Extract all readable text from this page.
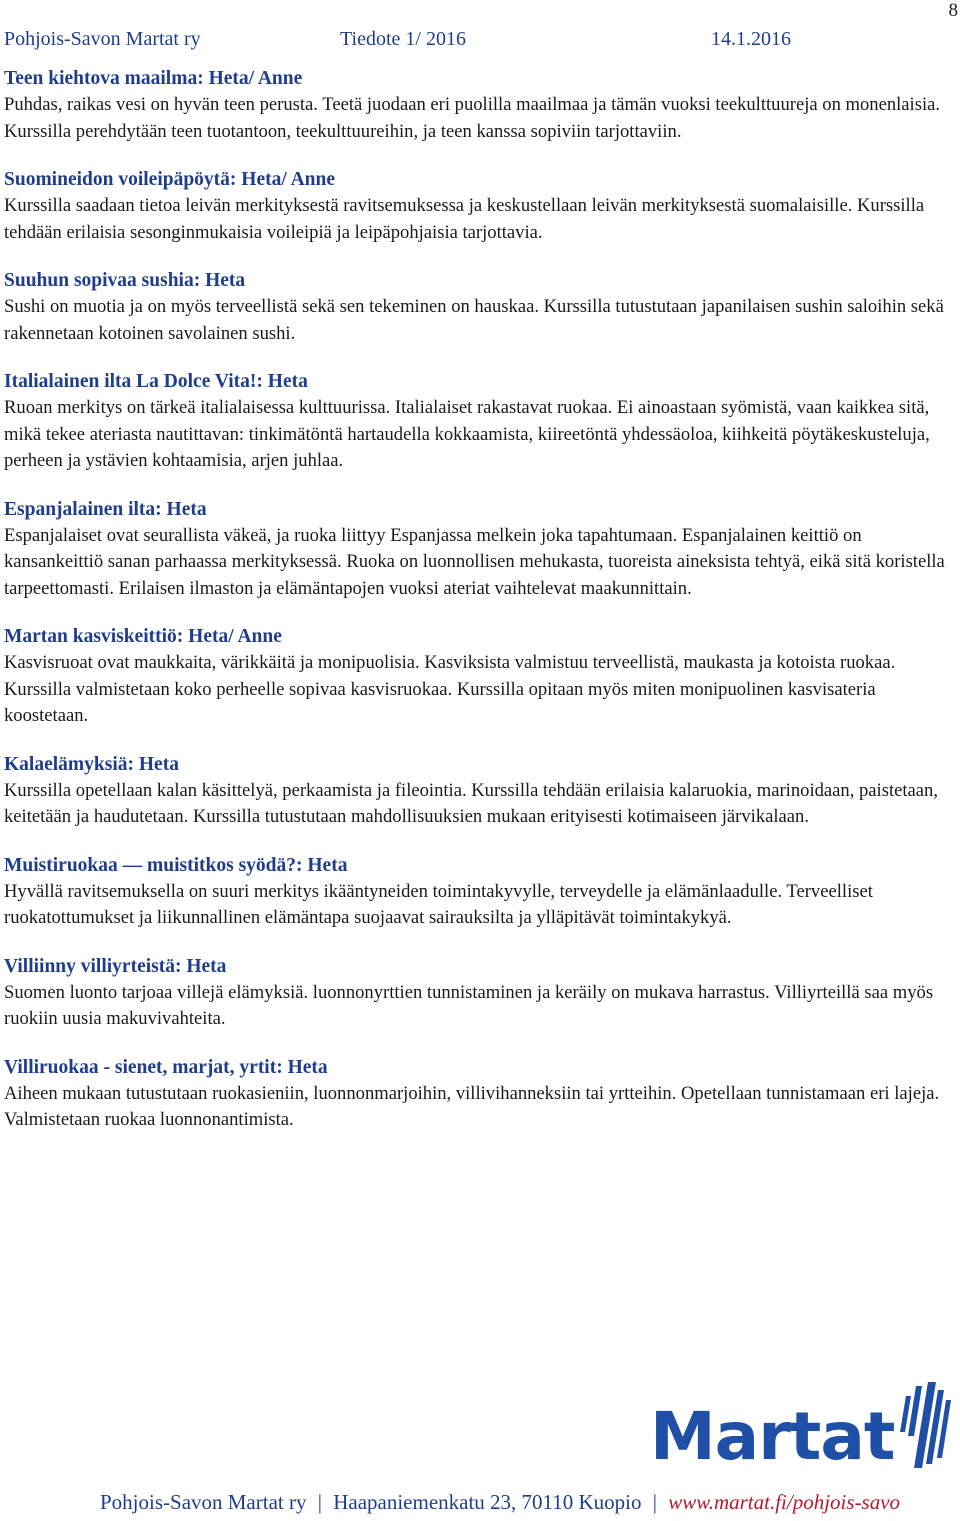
Pohjois-Savon Martat ry	Tiedote 1/ 2016	14.1.2016
8
Teen kiehtova maailma: Heta/ Anne

Puhdas, raikas vesi on hyvän teen perusta. Teetä juodaan eri puolilla maailmaa ja tämän vuoksi teekulttuureja on monenlaisia. Kurssilla perehdytään teen tuotantoon, teekulttuureihin, ja teen kanssa sopiviin tarjottaviin.

Suomineidon voileipäpöytä: Heta/ Anne

Kurssilla saadaan tietoa leivän merkityksestä ravitsemuksessa ja keskustellaan leivän merkityksestä suomalaisille. Kurssilla tehdään erilaisia sesonginmukaisia voileipiä ja leipäpohjaisia tarjottavia.

Suuhun sopivaa sushia: Heta

Sushi on muotia ja on myös terveellistä sekä sen tekeminen on hauskaa. Kurssilla tutustutaan japanilaisen sushin saloihin sekä rakennetaan kotoinen savolainen sushi.

Italialainen ilta La Dolce Vita!: Heta

Ruoan merkitys on tärkeä italialaisessa kulttuurissa. Italialaiset rakastavat ruokaa. Ei ainoastaan syömistä, vaan kaikkea sitä, mikä tekee ateriasta nautittavan: tinkimätöntä hartaudella kokkaamista, kiireetöntä yhdessäoloa, kiihkeitä pöytäkeskusteluja, perheen ja ystävien kohtaamisia, arjen juhlaa.

Espanjalainen ilta: Heta

Espanjalaiset ovat seurallista väkeä, ja ruoka liittyy Espanjassa melkein joka tapahtumaan. Espanjalainen keittiö on kansankeittiö sanan parhaassa merkityksessä. Ruoka on luonnollisen mehukasta, tuoreista aineksista tehtyä, eikä sitä koristella tarpeettomasti. Erilaisen ilmaston ja elämäntapojen vuoksi ateriat vaihtelevat maakunnittain.

Martan kasviskeittiö: Heta/ Anne

Kasvisruoat ovat maukkaita, värikkäitä ja monipuolisia. Kasviksista valmistuu terveellistä, maukasta ja kotoista ruokaa. Kurssilla valmistetaan koko perheelle sopivaa kasvisruokaa. Kurssilla opitaan myös miten monipuolinen kasvisateria koostetaan.

Kalaelämyksiä: Heta

Kurssilla opetellaan kalan käsittelyä, perkaamista ja fileointia. Kurssilla tehdään erilaisia kalaruokia, marinoidaan, paistetaan, keitetään ja haudutetaan. Kurssilla tutustutaan mahdollisuuksien mukaan erityisesti kotimaiseen järvikalaan.

Muistiruokaa — muistitkos syödä?: Heta

Hyvällä ravitsemuksella on suuri merkitys ikääntyneiden toimintakyvylle, terveydelle ja elämänlaadulle. Terveelliset ruokatottumukset ja liikunnallinen elämäntapa suojaavat sairauksilta ja ylläpitävät toimintakykyä.

Villiinny villiyrteistä: Heta

Suomen luonto tarjoaa villejä elämyksiä. luonnonyrttien tunnistaminen ja keräily on mukava harrastus. Villiyrteillä saa myös ruokiin uusia makuvivahteita.

Villiruokaa - sienet, marjat, yrtit: Heta

Aiheen mukaan tutustutaan ruokasieniin, luonnonmarjoihin, villivihanneksiin tai yrtteihin. Opetellaan tunnistamaan eri lajeja. Valmistetaan ruokaa luonnonantimista.

Martat
Pohjois-Savon Martat ry | Haapaniemenkatu 23, 70110 Kuopio | www.martat.fi/pohjois-savo
